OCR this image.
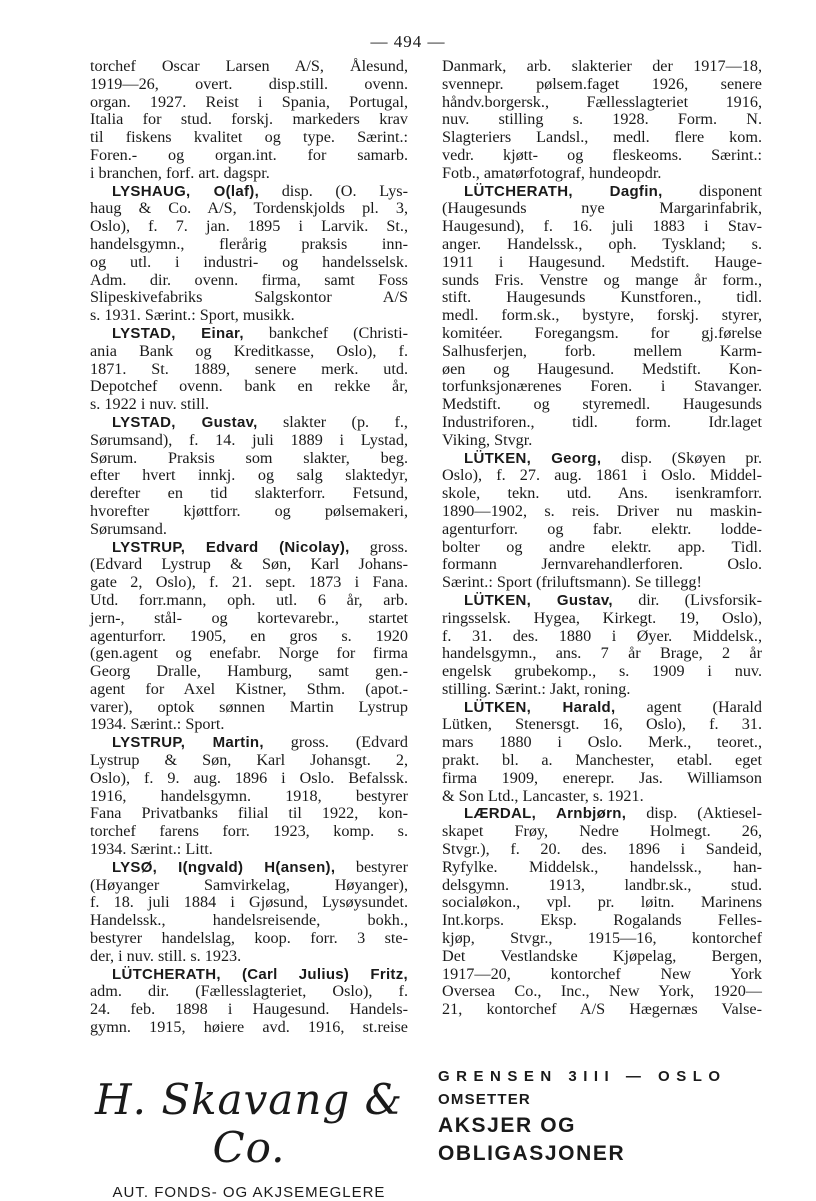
— 494 —
torchef Oscar Larsen A/S, Ålesund,
1919—26, overt. disp.still. ovenn.
organ. 1927. Reist i Spania, Portugal,
Italia for stud. forskj. markeders krav
til fiskens kvalitet og type. Særint.:
Foren.- og organ.int. for samarb.
i branchen, forf. art. dagspr.
LYSHAUG, O(laf), disp. (O. Lys-
haug & Co. A/S, Tordenskjolds pl. 3,
Oslo), f. 7. jan. 1895 i Larvik. St.,
handelsgymn., flerårig praksis inn-
og utl. i industri- og handelsselsk.
Adm. dir. ovenn. firma, samt Foss
Slipeskivefabriks Salgskontor A/S
s. 1931. Særint.: Sport, musikk.
LYSTAD, Einar, bankchef (Christi-
ania Bank og Kreditkasse, Oslo), f.
1871. St. 1889, senere merk. utd.
Depotchef ovenn. bank en rekke år,
s. 1922 i nuv. still.
LYSTAD, Gustav, slakter (p. f.,
Sørumsand), f. 14. juli 1889 i Lystad,
Sørum. Praksis som slakter, beg.
efter hvert innkj. og salg slaktedyr,
derefter en tid slakterforr. Fetsund,
hvorefter kjøttforr. og pølsemakeri,
Sørumsand.
LYSTRUP, Edvard (Nicolay), gross.
(Edvard Lystrup & Søn, Karl Johans-
gate 2, Oslo), f. 21. sept. 1873 i Fana.
Utd. forr.mann, oph. utl. 6 år, arb.
jern-, stål- og kortevarebr., startet
agenturforr. 1905, en gros s. 1920
(gen.agent og enefabr. Norge for firma
Georg Dralle, Hamburg, samt gen.-
agent for Axel Kistner, Sthm. (apot.-
varer), optok sønnen Martin Lystrup
1934. Særint.: Sport.
LYSTRUP, Martin, gross. (Edvard
Lystrup & Søn, Karl Johansgt. 2,
Oslo), f. 9. aug. 1896 i Oslo. Befalssk.
1916, handelsgymn. 1918, bestyrer
Fana Privatbanks filial til 1922, kon-
torchef farens forr. 1923, komp. s.
1934. Særint.: Litt.
LYSØ, I(ngvald) H(ansen), bestyrer
(Høyanger Samvirkelag, Høyanger),
f. 18. juli 1884 i Gjøsund, Lysøysundet.
Handelssk., handelsreisende, bokh.,
bestyrer handelslag, koop. forr. 3 ste-
der, i nuv. still. s. 1923.
LÜTCHERATH, (Carl Julius) Fritz,
adm. dir. (Fællesslagteriet, Oslo), f.
24. feb. 1898 i Haugesund. Handels-
gymn. 1915, høiere avd. 1916, st.reise
Danmark, arb. slakterier der 1917—18,
svennepr. pølsem.faget 1926, senere
håndv.borgersk., Fællesslagteriet 1916,
nuv. stilling s. 1928. Form. N.
Slagteriers Landsl., medl. flere kom.
vedr. kjøtt- og fleskeoms. Særint.:
Fotb., amatørfotograf, hundeopdr.
LÜTCHERATH, Dagfin, disponent
(Haugesunds nye Margarinfabrik,
Haugesund), f. 16. juli 1883 i Stav-
anger. Handelssk., oph. Tyskland; s.
1911 i Haugesund. Medstift. Hauge-
sunds Fris. Venstre og mange år form.,
stift. Haugesunds Kunstforen., tidl.
medl. form.sk., bystyre, forskj. styrer,
komitéer. Foregangsm. for gj.førelse
Salhusferjen, forb. mellem Karm-
øen og Haugesund. Medstift. Kon-
torfunksjonærenes Foren. i Stavanger.
Medstift. og styremedl. Haugesunds
Industriforen., tidl. form. Idr.laget
Viking, Stvgr.
LÜTKEN, Georg, disp. (Skøyen pr.
Oslo), f. 27. aug. 1861 i Oslo. Middel-
skole, tekn. utd. Ans. isenkramforr.
1890—1902, s. reis. Driver nu maskin-
agenturforr. og fabr. elektr. lodde-
bolter og andre elektr. app. Tidl.
formann Jernvarehandlerforen. Oslo.
Særint.: Sport (friluftsmann). Se tillegg!
LÜTKEN, Gustav, dir. (Livsforsik-
ringsselsk. Hygea, Kirkegt. 19, Oslo),
f. 31. des. 1880 i Øyer. Middelsk.,
handelsgymn., ans. 7 år Brage, 2 år
engelsk grubekomp., s. 1909 i nuv.
stilling. Særint.: Jakt, roning.
LÜTKEN, Harald, agent (Harald
Lütken, Stenersgt. 16, Oslo), f. 31.
mars 1880 i Oslo. Merk., teoret.,
prakt. bl. a. Manchester, etabl. eget
firma 1909, enerepr. Jas. Williamson
& Son Ltd., Lancaster, s. 1921.
LÆRDAL, Arnbjørn, disp. (Aktiesel-
skapet Frøy, Nedre Holmegt. 26,
Stvgr.), f. 20. des. 1896 i Sandeid,
Ryfylke. Middelsk., handelssk., han-
delsgymn. 1913, landbr.sk., stud.
socialøkon., vpl. pr. løitn. Marinens
Int.korps. Eksp. Rogalands Felles-
kjøp, Stvgr., 1915—16, kontorchef
Det Vestlandske Kjøpelag, Bergen,
1917—20, kontorchef New York
Oversea Co., Inc., New York, 1920—
21, kontorchef A/S Hægernæs Valse-
H. Skavang & Co.
AUT. FONDS- OG AKJSEMEGLERE
GRENSEN 3III — OSLO
OMSETTER
AKSJER OG OBLIGASJONER
